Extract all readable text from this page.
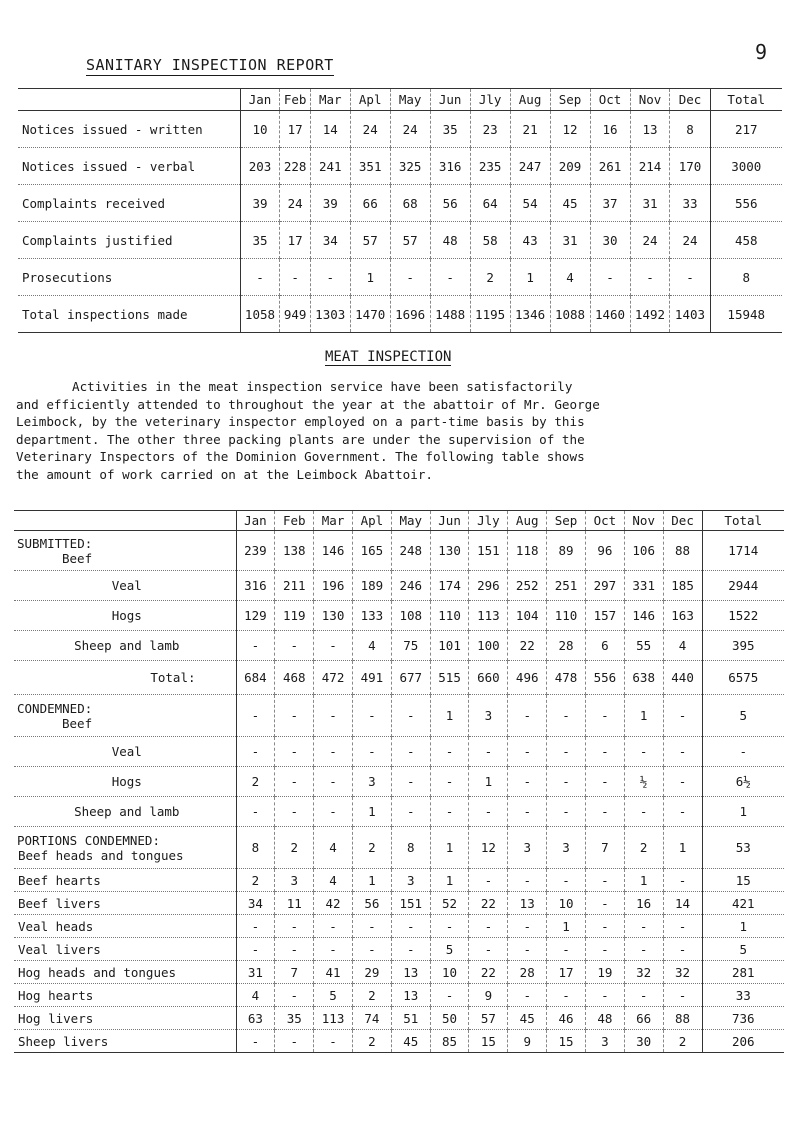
9
SANITARY INSPECTION REPORT
	Jan	Feb	Mar	Apl	May	Jun	Jly	Aug	Sep	Oct	Nov	Dec	Total
Notices issued - written	10	17	14	24	24	35	23	21	12	16	13	8	217
Notices issued - verbal	203	228	241	351	325	316	235	247	209	261	214	170	3000
Complaints received	39	24	39	66	68	56	64	54	45	37	31	33	556
Complaints justified	35	17	34	57	57	48	58	43	31	30	24	24	458
Prosecutions	-	-	-	1	-	-	2	1	4	-	-	-	8
Total inspections made	1058	949	1303	1470	1696	1488	1195	1346	1088	1460	1492	1403	15948
MEAT INSPECTION
Activities in the meat inspection service have been satisfactorily
and efficiently attended to throughout the year at the abattoir of Mr. George
Leimbock, by the veterinary inspector employed on a part-time basis by this
department. The other three packing plants are under the supervision of the
Veterinary Inspectors of the Dominion Government. The following table shows
the amount of work carried on at the Leimbock Abattoir.
	Jan	Feb	Mar	Apl	May	Jun	Jly	Aug	Sep	Oct	Nov	Dec	Total

SUBMITTED:
Beef	239	138	146	165	248	130	151	118	89	96	106	88	1714
Veal	316	211	196	189	246	174	296	252	251	297	331	185	2944
Hogs	129	119	130	133	108	110	113	104	110	157	146	163	1522
Sheep and lamb	-	-	-	4	75	101	100	22	28	6	55	4	395
Total:	684	468	472	491	677	515	660	496	478	556	638	440	6575

CONDEMNED:
Beef	-	-	-	-	-	1	3	-	-	-	1	-	5
Veal	-	-	-	-	-	-	-	-	-	-	-	-	-
Hogs	2	-	-	3	-	-	1	-	-	-	½	-	6½
Sheep and lamb	-	-	-	1	-	-	-	-	-	-	-	-	1

PORTIONS CONDEMNED:
Beef heads and tongues	8	2	4	2	8	1	12	3	3	7	2	1	53
Beef hearts	2	3	4	1	3	1	-	-	-	-	1	-	15
Beef livers	34	11	42	56	151	52	22	13	10	-	16	14	421
Veal heads	-	-	-	-	-	-	-	-	1	-	-	-	1
Veal livers	-	-	-	-	-	5	-	-	-	-	-	-	5
Hog heads and tongues	31	7	41	29	13	10	22	28	17	19	32	32	281
Hog hearts	4	-	5	2	13	-	9	-	-	-	-	-	33
Hog livers	63	35	113	74	51	50	57	45	46	48	66	88	736
Sheep livers	-	-	-	2	45	85	15	9	15	3	30	2	206
